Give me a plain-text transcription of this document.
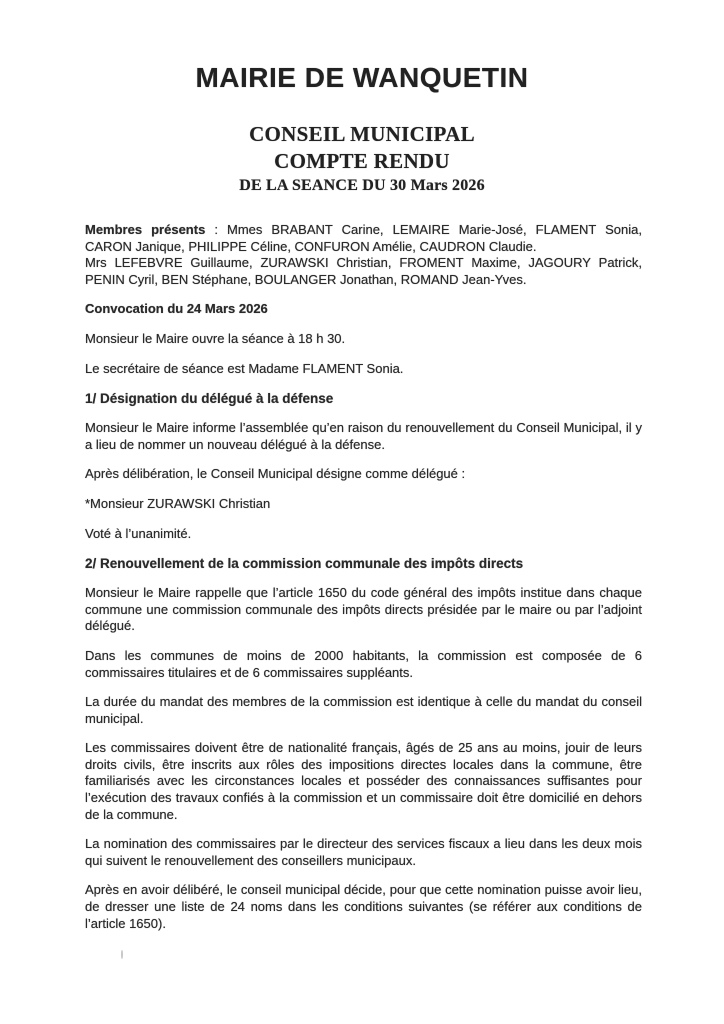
MAIRIE DE WANQUETIN
CONSEIL MUNICIPAL
COMPTE RENDU
DE LA SEANCE DU 30 Mars 2026

Membres présents : Mmes BRABANT Carine, LEMAIRE Marie-José, FLAMENT Sonia, CARON Janique, PHILIPPE Céline, CONFURON Amélie, CAUDRON Claudie.
Mrs LEFEBVRE Guillaume, ZURAWSKI Christian, FROMENT Maxime, JAGOURY Patrick, PENIN Cyril, BEN Stéphane, BOULANGER Jonathan, ROMAND Jean-Yves.

Convocation du 24 Mars 2026

Monsieur le Maire ouvre la séance à 18 h 30.

Le secrétaire de séance est Madame FLAMENT Sonia.

1/ Désignation du délégué à la défense

Monsieur le Maire informe l’assemblée qu’en raison du renouvellement du Conseil Municipal, il y a lieu de nommer un nouveau délégué à la défense.

Après délibération, le Conseil Municipal désigne comme délégué :

*Monsieur ZURAWSKI Christian

Voté à l’unanimité.

2/ Renouvellement de la commission communale des impôts directs

Monsieur le Maire rappelle que l’article 1650 du code général des impôts institue dans chaque commune une commission communale des impôts directs présidée par le maire ou par l’adjoint délégué.

Dans les communes de moins de 2000 habitants, la commission est composée de 6 commissaires titulaires et de 6 commissaires suppléants.

La durée du mandat des membres de la commission est identique à celle du mandat du conseil municipal.

Les commissaires doivent être de nationalité français, âgés de 25 ans au moins, jouir de leurs droits civils, être inscrits aux rôles des impositions directes locales dans la commune, être familiarisés avec les circonstances locales et posséder des connaissances suffisantes pour l’exécution des travaux confiés à la commission et un commissaire doit être domicilié en dehors de la commune.

La nomination des commissaires par le directeur des services fiscaux a lieu dans les deux mois qui suivent le renouvellement des conseillers municipaux.

Après en avoir délibéré, le conseil municipal décide, pour que cette nomination puisse avoir lieu, de dresser une liste de 24 noms dans les conditions suivantes (se référer aux conditions de l’article 1650).
